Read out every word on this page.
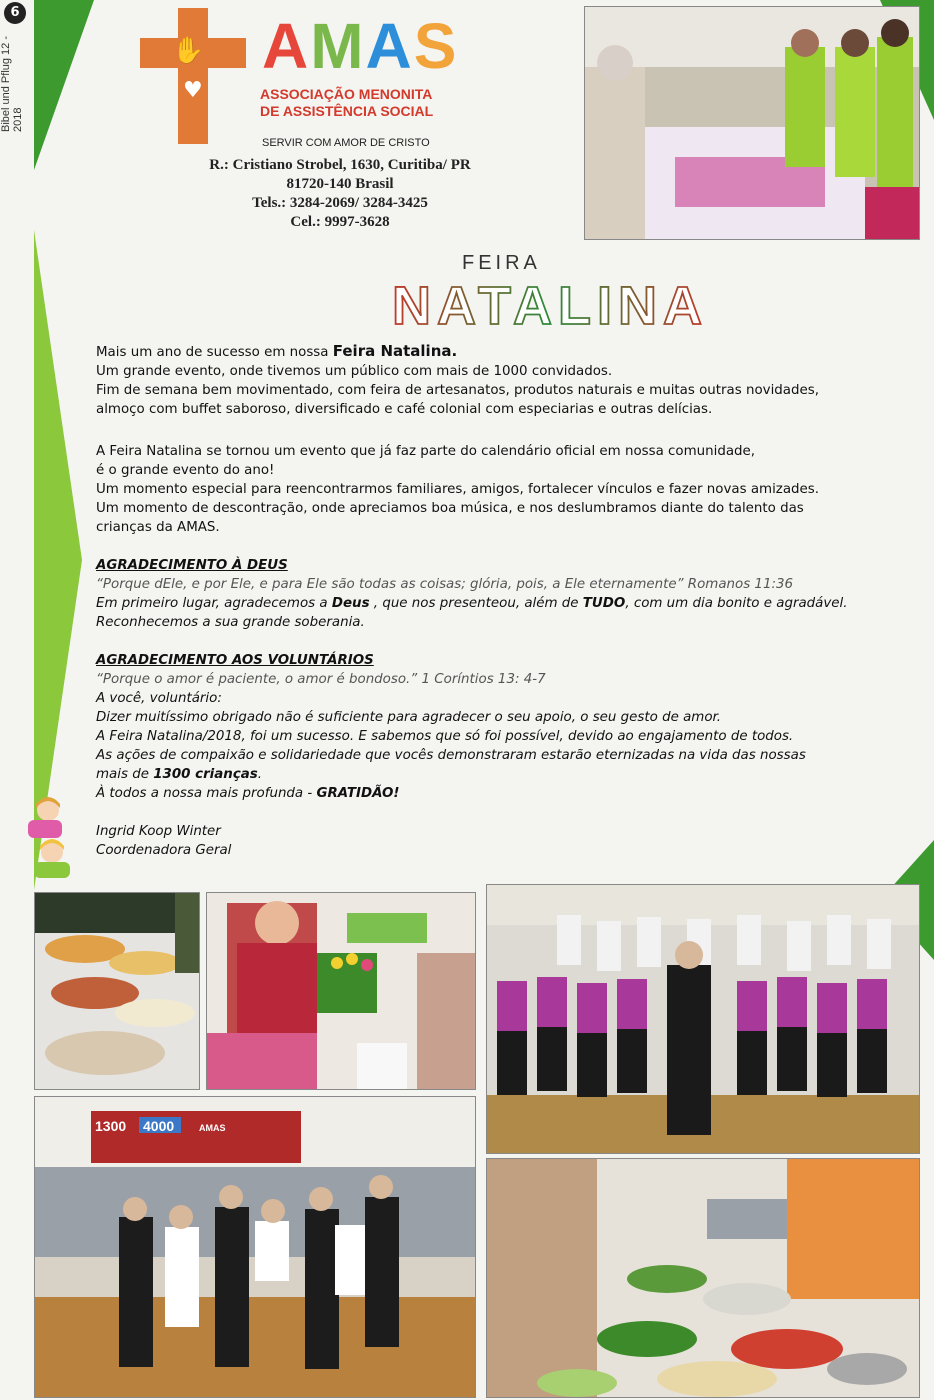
Bibel und Pflug 12 - 2018
6
✋
♥
AMAS
ASSOCIAÇÃO MENONITA
DE ASSISTÊNCIA SOCIAL
SERVIR COM AMOR DE CRISTO
R.: Cristiano Strobel, 1630, Curitiba/ PR
81720-140 Brasil
Tels.: 3284-2069/ 3284-3425
Cel.: 9997-3628
FEIRA
NATALINA

Mais um ano de sucesso em nossa Feira Natalina.

Um grande evento, onde tivemos um público com mais de 1000 convidados.

Fim de semana bem movimentado, com feira de artesanatos, produtos naturais e muitas outras novidades,

almoço com buffet saboroso, diversificado e café colonial com especiarias e outras delícias.

A Feira Natalina se tornou um evento que já faz parte do calendário oficial em nossa comunidade,

é o grande evento do ano!

Um momento especial para reencontrarmos familiares, amigos, fortalecer vínculos e fazer novas amizades.

Um momento de descontração, onde apreciamos boa música, e nos deslumbramos diante do talento das

crianças da AMAS.

AGRADECIMENTO À DEUS

“Porque dEle, e por Ele, e para Ele são todas as coisas; glória, pois, a Ele eternamente” Romanos 11:36

Em primeiro lugar, agradecemos a Deus , que nos presenteou, além de TUDO, com um dia bonito e agradável.

Reconhecemos a sua grande soberania.

AGRADECIMENTO AOS VOLUNTÁRIOS

“Porque o amor é paciente, o amor é bondoso.” 1 Coríntios 13: 4-7

A você, voluntário:

Dizer muitíssimo obrigado não é suficiente para agradecer o seu apoio, o seu gesto de amor.

A Feira Natalina/2018, foi um sucesso. E sabemos que só foi possível, devido ao engajamento de todos.

As ações de compaixão e solidariedade que vocês demonstraram estarão eternizadas na vida das nossas

mais de 1300 crianças.

À todos a nossa mais profunda - GRATIDÃO!

Ingrid Koop Winter

Coordenadora Geral

1300 4000	AMAS
